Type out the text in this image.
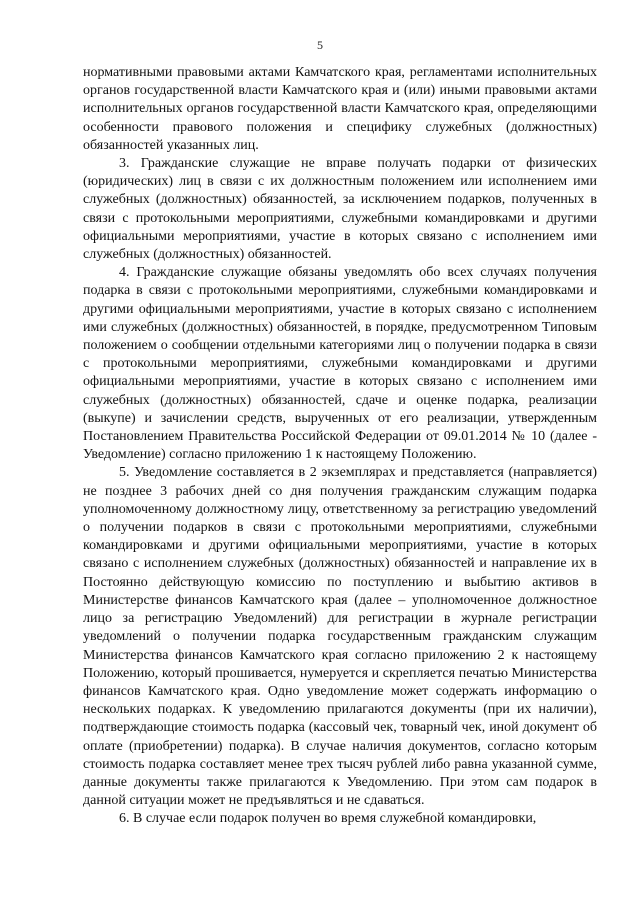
5

нормативными правовыми актами Камчатского края, регламентами исполнительных органов государственной власти Камчатского края и (или) иными правовыми актами исполнительных органов государственной власти Камчатского края, определяющими особенности правового положения и специфику служебных (должностных) обязанностей указанных лиц.

3. Гражданские служащие не вправе получать подарки от физических (юридических) лиц в связи с их должностным положением или исполнением ими служебных (должностных) обязанностей, за исключением подарков, полученных в связи с протокольными мероприятиями, служебными командировками и другими официальными мероприятиями, участие в которых связано с исполнением ими служебных (должностных) обязанностей.

4. Гражданские служащие обязаны уведомлять обо всех случаях получения подарка в связи с протокольными мероприятиями, служебными командировками и другими официальными мероприятиями, участие в которых связано с исполнением ими служебных (должностных) обязанностей, в порядке, предусмотренном Типовым положением о сообщении отдельными категориями лиц о получении подарка в связи с протокольными мероприятиями, служебными командировками и другими официальными мероприятиями, участие в которых связано с исполнением ими служебных (должностных) обязанностей, сдаче и оценке подарка, реализации (выкупе) и зачислении средств, вырученных от его реализации, утвержденным Постановлением Правительства Российской Федерации от 09.01.2014 № 10 (далее - Уведомление) согласно приложению 1 к настоящему Положению.

5. Уведомление составляется в 2 экземплярах и представляется (направляется) не позднее 3 рабочих дней со дня получения гражданским служащим подарка уполномоченному должностному лицу, ответственному за регистрацию уведомлений о получении подарков в связи с протокольными мероприятиями, служебными командировками и другими официальными мероприятиями, участие в которых связано с исполнением служебных (должностных) обязанностей и направление их в Постоянно действующую комиссию по поступлению и выбытию активов в Министерстве финансов Камчатского края (далее – уполномоченное должностное лицо за регистрацию Уведомлений) для регистрации в журнале регистрации уведомлений о получении подарка государственным гражданским служащим Министерства финансов Камчатского края согласно приложению 2 к настоящему Положению, который прошивается, нумеруется и скрепляется печатью Министерства финансов Камчатского края. Одно уведомление может содержать информацию о нескольких подарках. К уведомлению прилагаются документы (при их наличии), подтверждающие стоимость подарка (кассовый чек, товарный чек, иной документ об оплате (приобретении) подарка). В случае наличия документов, согласно которым стоимость подарка составляет менее трех тысяч рублей либо равна указанной сумме, данные документы также прилагаются к Уведомлению. При этом сам подарок в данной ситуации может не предъявляться и не сдаваться.

6. В случае если подарок получен во время служебной командировки,
